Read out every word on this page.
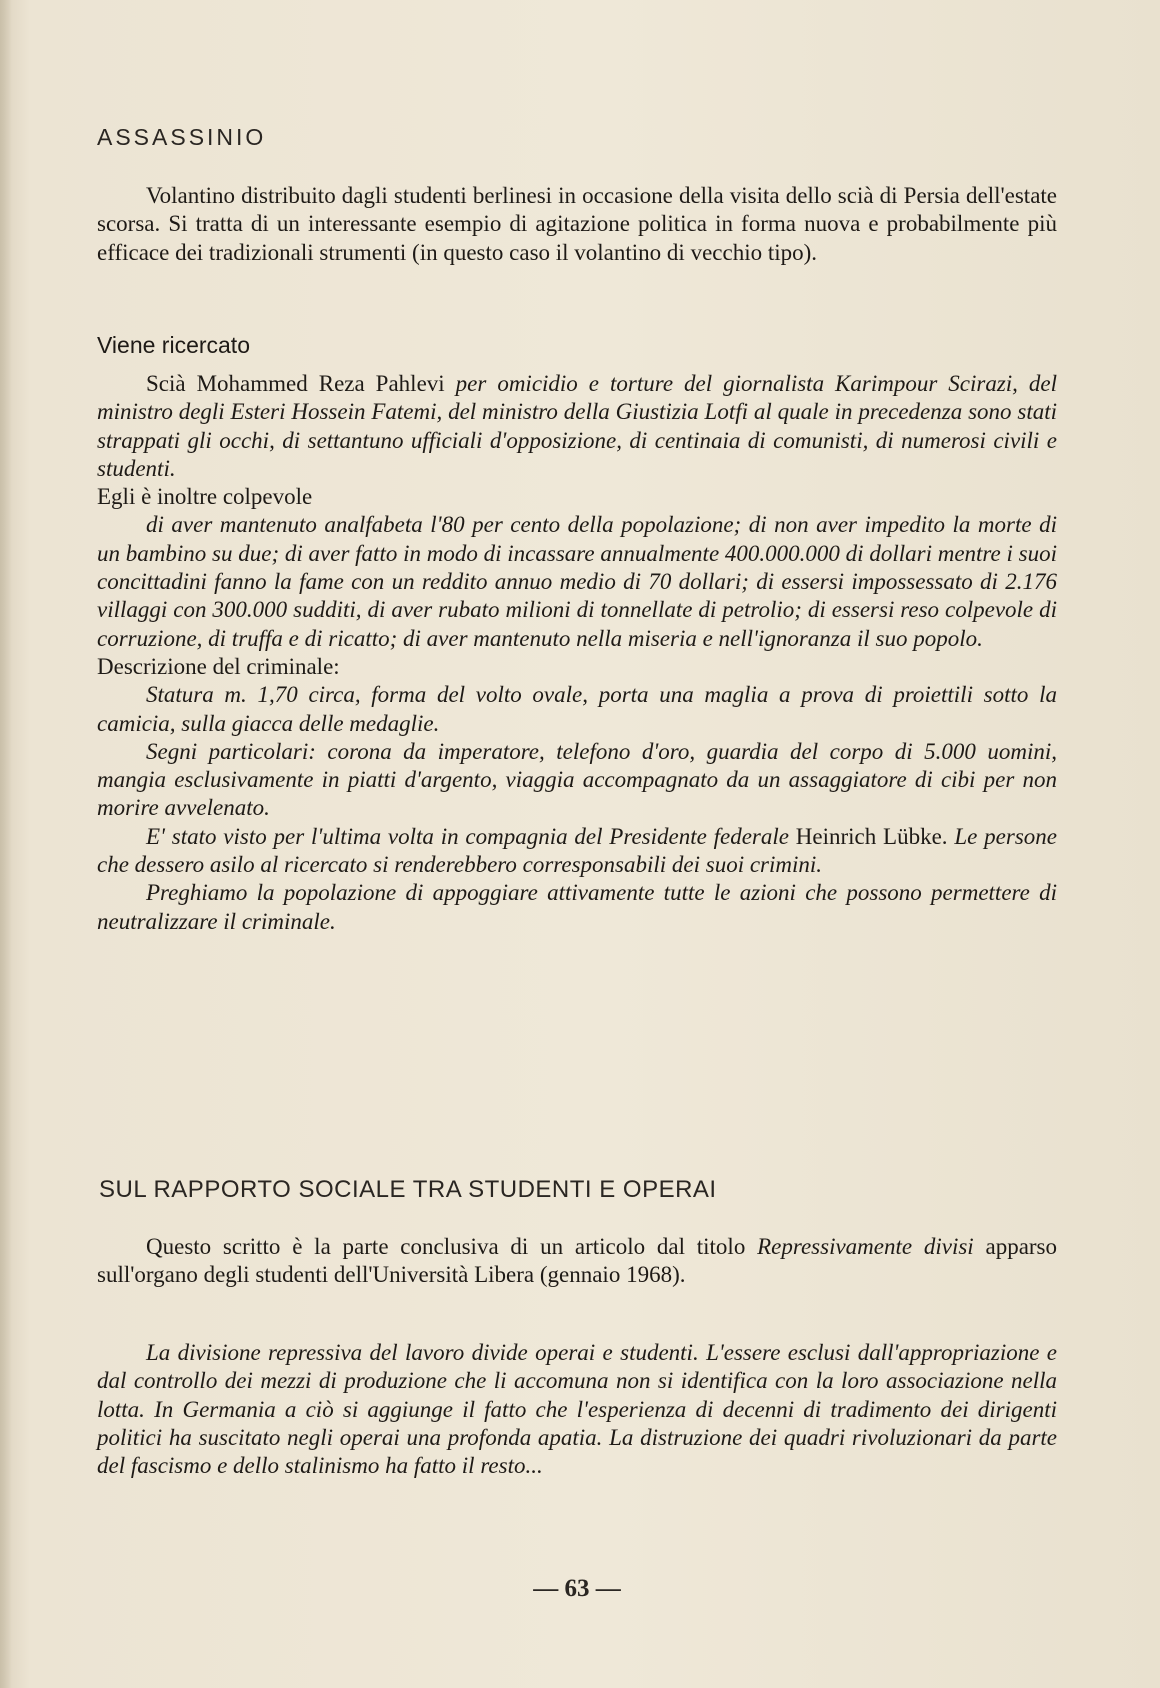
ASSASSINIO
Volantino distribuito dagli studenti berlinesi in occasione della visita dello scià di Persia dell'estate scorsa. Si tratta di un interessante esempio di agitazione politica in forma nuova e probabilmente più efficace dei tradizionali strumenti (in questo caso il volantino di vecchio tipo).
Viene ricercato

Scià Mohammed Reza Pahlevi per omicidio e torture del giornalista Karimpour Scirazi, del ministro degli Esteri Hossein Fatemi, del ministro della Giustizia Lotfi al quale in precedenza sono stati strappati gli occhi, di settantuno ufficiali d'opposizione, di centinaia di comunisti, di numerosi civili e studenti.

Egli è inoltre colpevole

di aver mantenuto analfabeta l'80 per cento della popolazione; di non aver impedito la morte di un bambino su due; di aver fatto in modo di incassare annualmente 400.000.000 di dollari mentre i suoi concittadini fanno la fame con un reddito annuo medio di 70 dollari; di essersi impossessato di 2.176 villaggi con 300.000 sudditi, di aver rubato milioni di tonnellate di petrolio; di essersi reso colpevole di corruzione, di truffa e di ricatto; di aver mantenuto nella miseria e nell'ignoranza il suo popolo.

Descrizione del criminale:

Statura m. 1,70 circa, forma del volto ovale, porta una maglia a prova di proiettili sotto la camicia, sulla giacca delle medaglie.

Segni particolari: corona da imperatore, telefono d'oro, guardia del corpo di 5.000 uomini, mangia esclusivamente in piatti d'argento, viaggia accompagnato da un assaggiatore di cibi per non morire avvelenato.

E' stato visto per l'ultima volta in compagnia del Presidente federale Heinrich Lübke. Le persone che dessero asilo al ricercato si renderebbero corresponsabili dei suoi crimini.

Preghiamo la popolazione di appoggiare attivamente tutte le azioni che possono permettere di neutralizzare il criminale.

SUL RAPPORTO SOCIALE TRA STUDENTI E OPERAI
Questo scritto è la parte conclusiva di un articolo dal titolo Repressivamente divisi apparso sull'organo degli studenti dell'Università Libera (gennaio 1968).
La divisione repressiva del lavoro divide operai e studenti. L'essere esclusi dall'appropriazione e dal controllo dei mezzi di produzione che li accomuna non si identifica con la loro associazione nella lotta. In Germania a ciò si aggiunge il fatto che l'esperienza di decenni di tradimento dei dirigenti politici ha suscitato negli operai una profonda apatia. La distruzione dei quadri rivoluzionari da parte del fascismo e dello stalinismo ha fatto il resto...
— 63 —
